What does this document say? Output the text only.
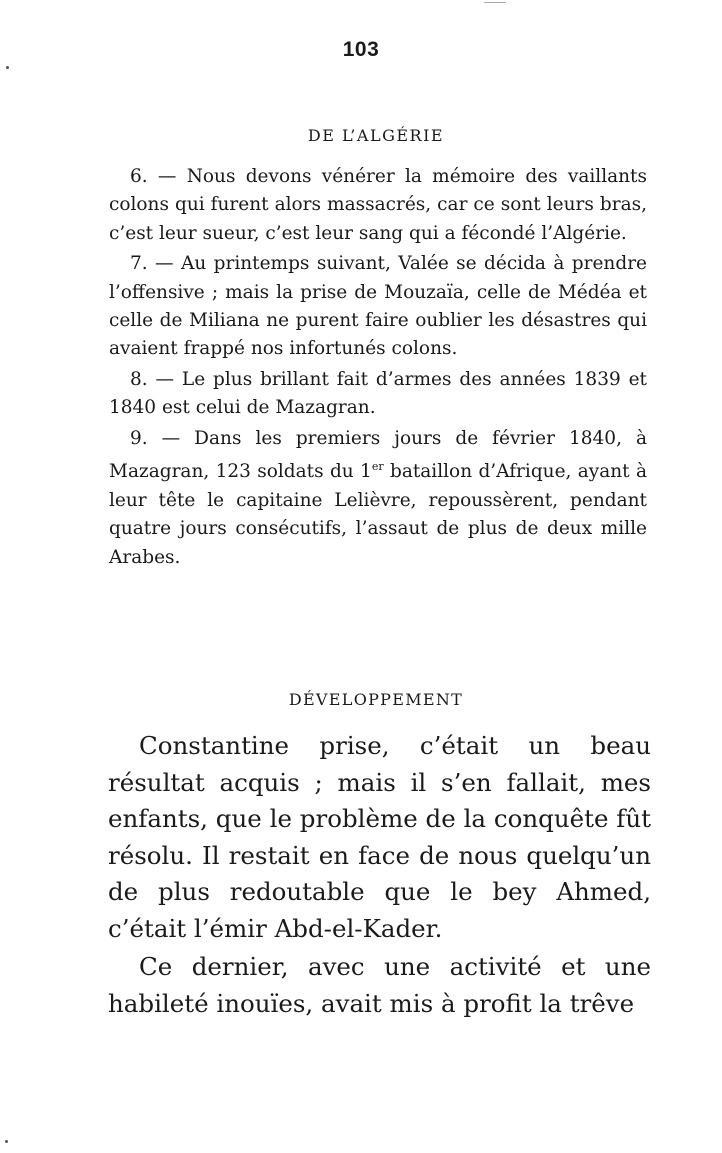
103
DE L’ALGÉRIE

6. — Nous devons vénérer la mémoire des vaillants colons qui furent alors massacrés, car ce sont leurs bras, c’est leur sueur, c’est leur sang qui a fécondé l’Algérie.

7. — Au printemps suivant, Valée se décida à prendre l’offensive ; mais la prise de Mouzaïa, celle de Médéa et celle de Miliana ne purent faire oublier les désastres qui avaient frappé nos infortunés colons.

8. — Le plus brillant fait d’armes des années 1839 et 1840 est celui de Mazagran.

9. — Dans les premiers jours de février 1840, à Mazagran, 123 soldats du 1er bataillon d’Afrique, ayant à leur tête le capitaine Lelièvre, repoussèrent, pendant quatre jours consécutifs, l’assaut de plus de deux mille Arabes.

DÉVELOPPEMENT

Constantine prise, c’était un beau résultat acquis ; mais il s’en fallait, mes enfants, que le problème de la conquête fût résolu. Il restait en face de nous quelqu’un de plus redoutable que le bey Ahmed, c’était l’émir Abd-el-Kader.

Ce dernier, avec une activité et une habileté inouïes, avait mis à profit la trêve
